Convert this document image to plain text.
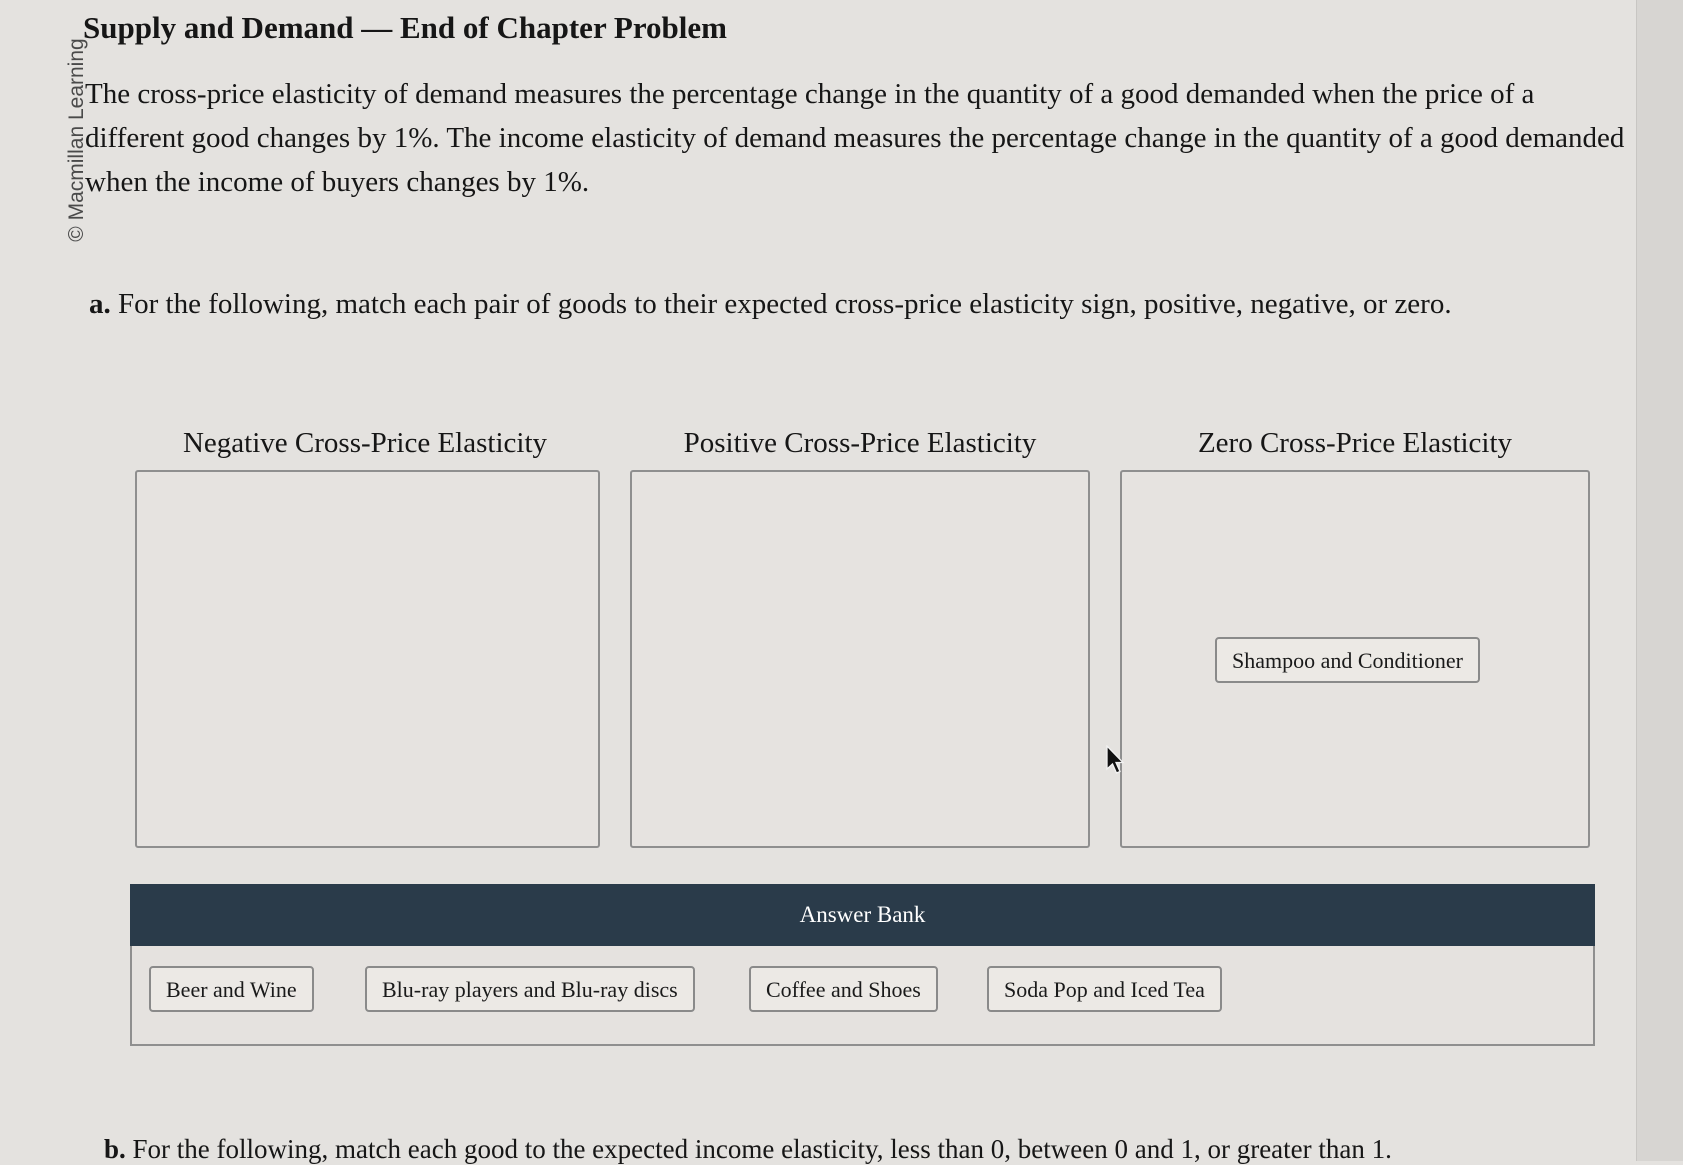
© Macmillan Learning
Supply and Demand — End of Chapter Problem

The cross-price elasticity of demand measures the percentage change in the quantity of a good demanded when the price of a different good changes by 1%. The income elasticity of demand measures the percentage change in the quantity of a good demanded when the income of buyers changes by 1%.

a. For the following, match each pair of goods to their expected cross-price elasticity sign, positive, negative, or zero.

Negative Cross-Price Elasticity	Positive Cross-Price Elasticity	Zero Cross-Price Elasticity
Shampoo and Conditioner
Answer Bank
Beer and Wine	Blu-ray players and Blu-ray discs	Coffee and Shoes	Soda Pop and Iced Tea

b. For the following, match each good to the expected income elasticity, less than 0, between 0 and 1, or greater than 1.
